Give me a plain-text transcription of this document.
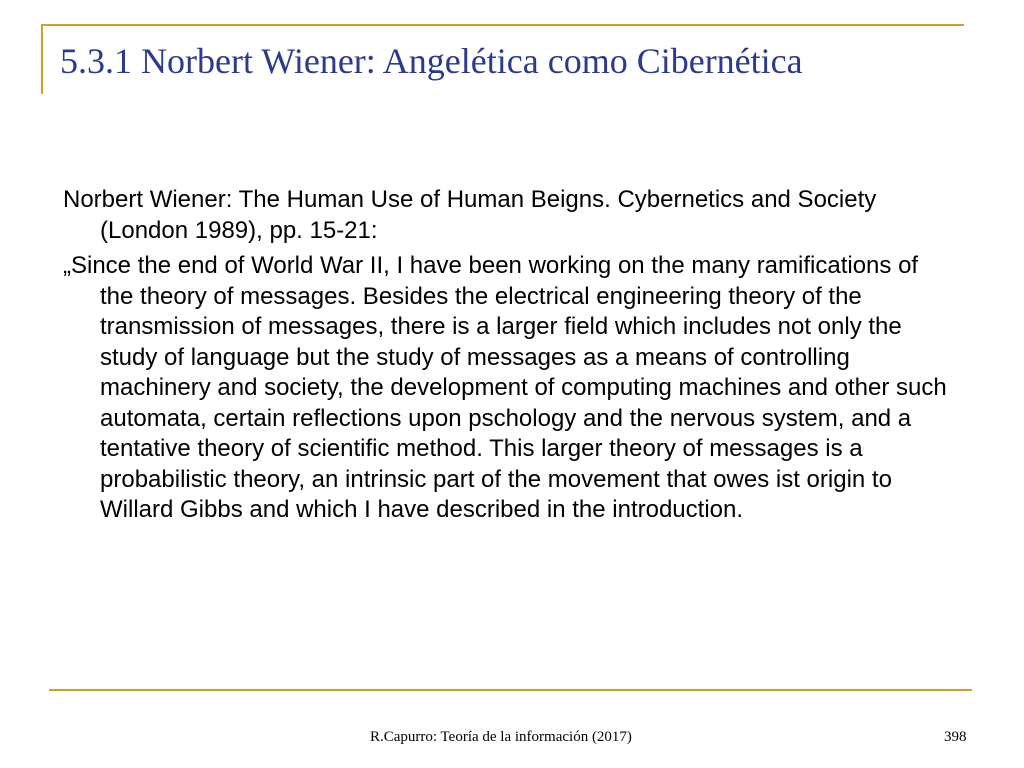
5.3.1 Norbert Wiener: Angelética como Cibernética

Norbert Wiener: The Human Use of Human Beigns. Cybernetics and Society (London 1989), pp. 15-21:

„Since the end of World War II, I have been working on the many ramifications of the theory of messages. Besides the electrical engineering theory of the transmission of messages, there is a larger field which includes not only the study of language but the study of messages as a means of controlling machinery and society, the development of computing machines and other such automata, certain reflections upon pschology and the nervous system, and a tentative theory of scientific method. This larger theory of messages is a probabilistic theory, an intrinsic part of the movement that owes ist origin to Willard Gibbs and which I have described in the introduction.

R.Capurro: Teoría de la información (2017)	398
